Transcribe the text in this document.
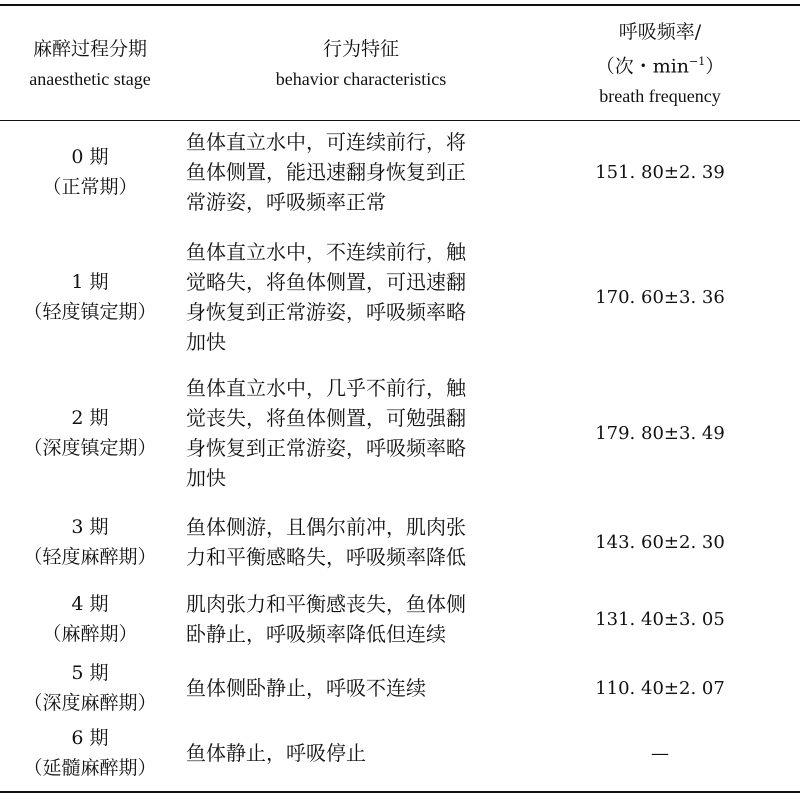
麻醉过程分期
anaesthetic stage
行为特征
behavior characteristics
呼吸频率/
（次・$\min^{-1}$）
breath frequency
0 期
（正常期）
鱼体直立水中，可连续前行，将
鱼体侧置，能迅速翻身恢复到正
常游姿，呼吸频率正常
151. 80±2. 39
1 期
（轻度镇定期）
鱼体直立水中，不连续前行，触
觉略失，将鱼体侧置，可迅速翻
身恢复到正常游姿，呼吸频率略
加快
170. 60±3. 36
2 期
（深度镇定期）
鱼体直立水中，几乎不前行，触
觉丧失，将鱼体侧置，可勉强翻
身恢复到正常游姿，呼吸频率略
加快
179. 80±3. 49
3 期
（轻度麻醉期）
鱼体侧游，且偶尔前冲，肌肉张
力和平衡感略失，呼吸频率降低
143. 60±2. 30
4 期
（麻醉期）
肌肉张力和平衡感丧失，鱼体侧
卧静止，呼吸频率降低但连续
131. 40±3. 05
5 期
（深度麻醉期）
鱼体侧卧静止，呼吸不连续	110. 40±2. 07
6 期
（延髓麻醉期）
鱼体静止，呼吸停止	—
